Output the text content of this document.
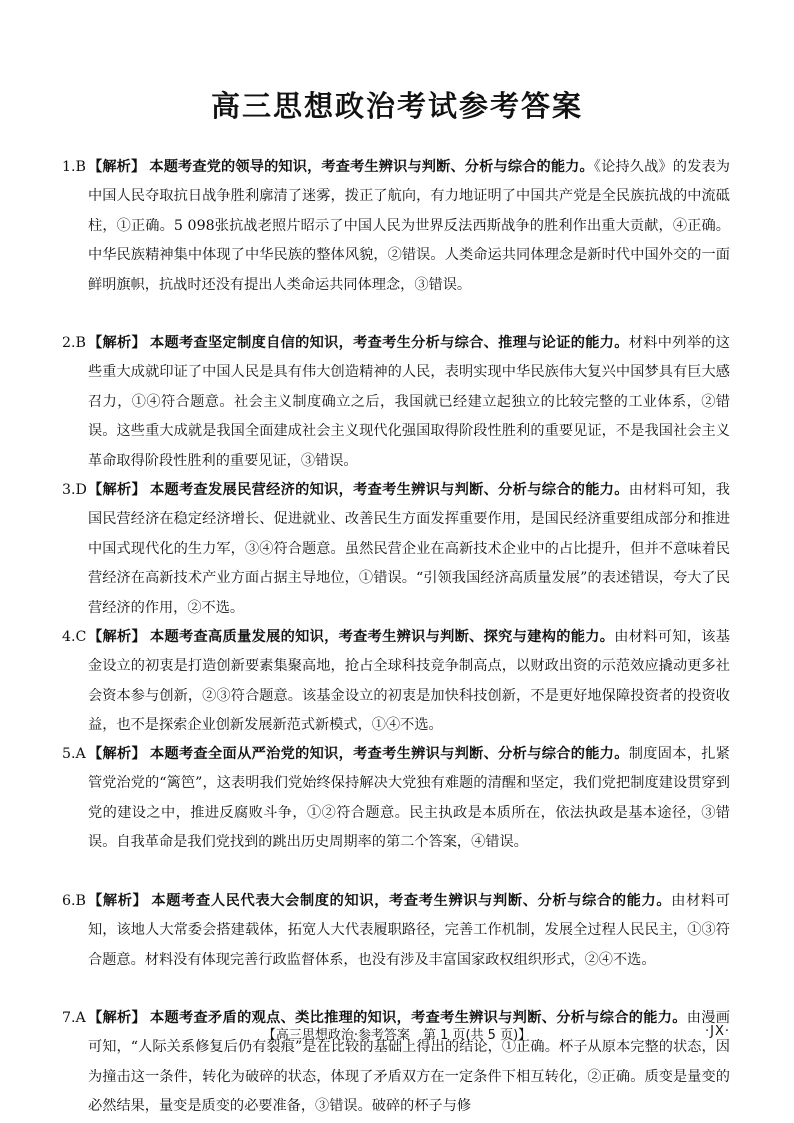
高三思想政治考试参考答案
1.B 【解析】 本题考查党的领导的知识，考查考生辨识与判断、分析与综合的能力。《论持久战》的发表为中国人民夺取抗日战争胜利廓清了迷雾，拨正了航向，有力地证明了中国共产党是全民族抗战的中流砥柱，①正确。5 098张抗战老照片昭示了中国人民为世界反法西斯战争的胜利作出重大贡献，④正确。中华民族精神集中体现了中华民族的整体风貌，②错误。人类命运共同体理念是新时代中国外交的一面鲜明旗帜，抗战时还没有提出人类命运共同体理念，③错误。
2.B 【解析】 本题考查坚定制度自信的知识，考查考生分析与综合、推理与论证的能力。材料中列举的这些重大成就印证了中国人民是具有伟大创造精神的人民，表明实现中华民族伟大复兴中国梦具有巨大感召力，①④符合题意。社会主义制度确立之后，我国就已经建立起独立的比较完整的工业体系，②错误。这些重大成就是我国全面建成社会主义现代化强国取得阶段性胜利的重要见证，不是我国社会主义革命取得阶段性胜利的重要见证，③错误。
3.D 【解析】 本题考查发展民营经济的知识，考查考生辨识与判断、分析与综合的能力。由材料可知，我国民营经济在稳定经济增长、促进就业、改善民生方面发挥重要作用，是国民经济重要组成部分和推进中国式现代化的生力军，③④符合题意。虽然民营企业在高新技术企业中的占比提升，但并不意味着民营经济在高新技术产业方面占据主导地位，①错误。“引领我国经济高质量发展”的表述错误，夸大了民营经济的作用，②不选。
4.C 【解析】 本题考查高质量发展的知识，考查考生辨识与判断、探究与建构的能力。由材料可知，该基金设立的初衷是打造创新要素集聚高地，抢占全球科技竞争制高点，以财政出资的示范效应撬动更多社会资本参与创新，②③符合题意。该基金设立的初衷是加快科技创新，不是更好地保障投资者的投资收益，也不是探索企业创新发展新范式新模式，①④不选。
5.A 【解析】 本题考查全面从严治党的知识，考查考生辨识与判断、分析与综合的能力。制度固本，扎紧管党治党的“篱笆”，这表明我们党始终保持解决大党独有难题的清醒和坚定，我们党把制度建设贯穿到党的建设之中，推进反腐败斗争，①②符合题意。民主执政是本质所在，依法执政是基本途径，③错误。自我革命是我们党找到的跳出历史周期率的第二个答案，④错误。
6.B 【解析】 本题考查人民代表大会制度的知识，考查考生辨识与判断、分析与综合的能力。由材料可知，该地人大常委会搭建载体，拓宽人大代表履职路径，完善工作机制，发展全过程人民民主，①③符合题意。材料没有体现完善行政监督体系，也没有涉及丰富国家政权组织形式，②④不选。
7.A 【解析】 本题考查矛盾的观点、类比推理的知识，考查考生辨识与判断、分析与综合的能力。由漫画可知，“人际关系修复后仍有裂痕”是在比较的基础上得出的结论，①正确。杯子从原本完整的状态，因为撞击这一条件，转化为破碎的状态，体现了矛盾双方在一定条件下相互转化，②正确。质变是量变的必然结果，量变是质变的必要准备，③错误。破碎的杯子与修
【高三思想政治·参考答案　第 1 页(共 5 页)】	·JX·
